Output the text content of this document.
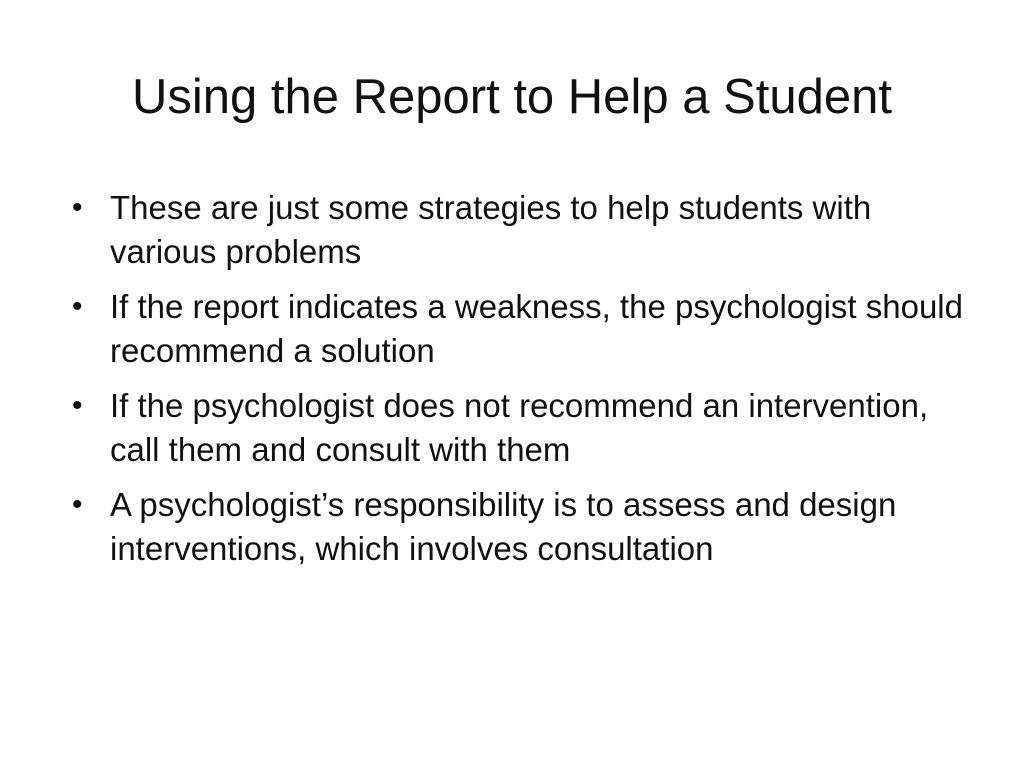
Using the Report to Help a Student
• These are just some strategies to help students with various problems
• If the report indicates a weakness, the psychologist should recommend a solution
• If the psychologist does not recommend an intervention, call them and consult with them
• A psychologist’s responsibility is to assess and design interventions, which involves consultation
